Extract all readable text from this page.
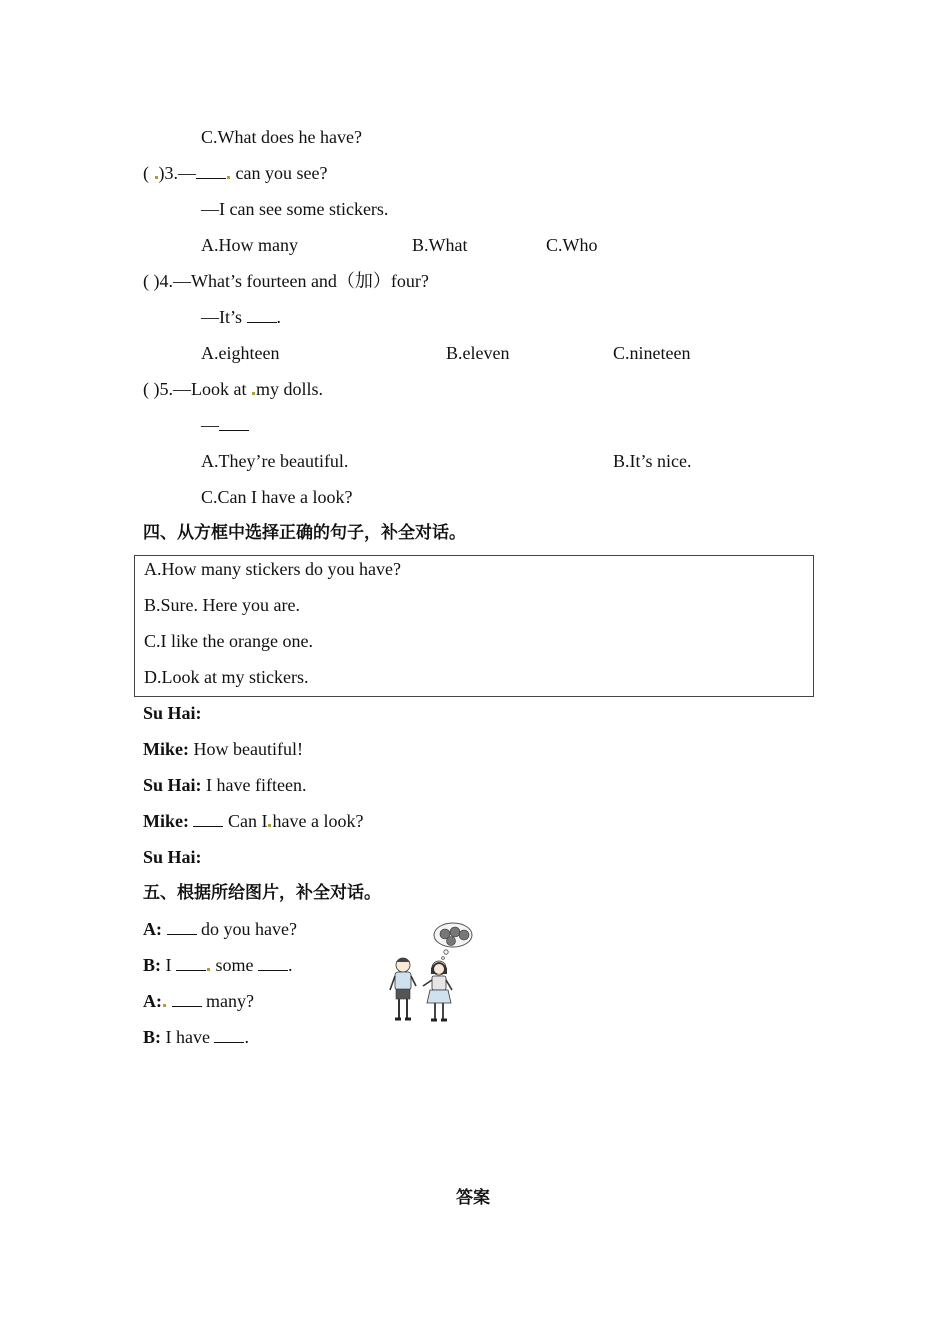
C.What does he have?
( )3.— can you see?
—I can see some stickers.
A.How many	B.What	C.Who
( )4.—What’s fourteen and（加）four?
—It’s .
A.eighteen	B.eleven	C.nineteen
( )5.—Look at my dolls.
—
A.They’re beautiful.	B.It’s nice.
C.Can I have a look?
四、从方框中选择正确的句子，补全对话。
A.How many stickers do you have?
B.Sure. Here you are.
C.I like the orange one.
D.Look at my stickers.
Su Hai:
Mike: How beautiful!
Su Hai: I have fifteen.
Mike: Can I have a look?
Su Hai:
五、根据所给图片，补全对话。
A: do you have?
B: I some .
A: many?
B: I have .
答案
